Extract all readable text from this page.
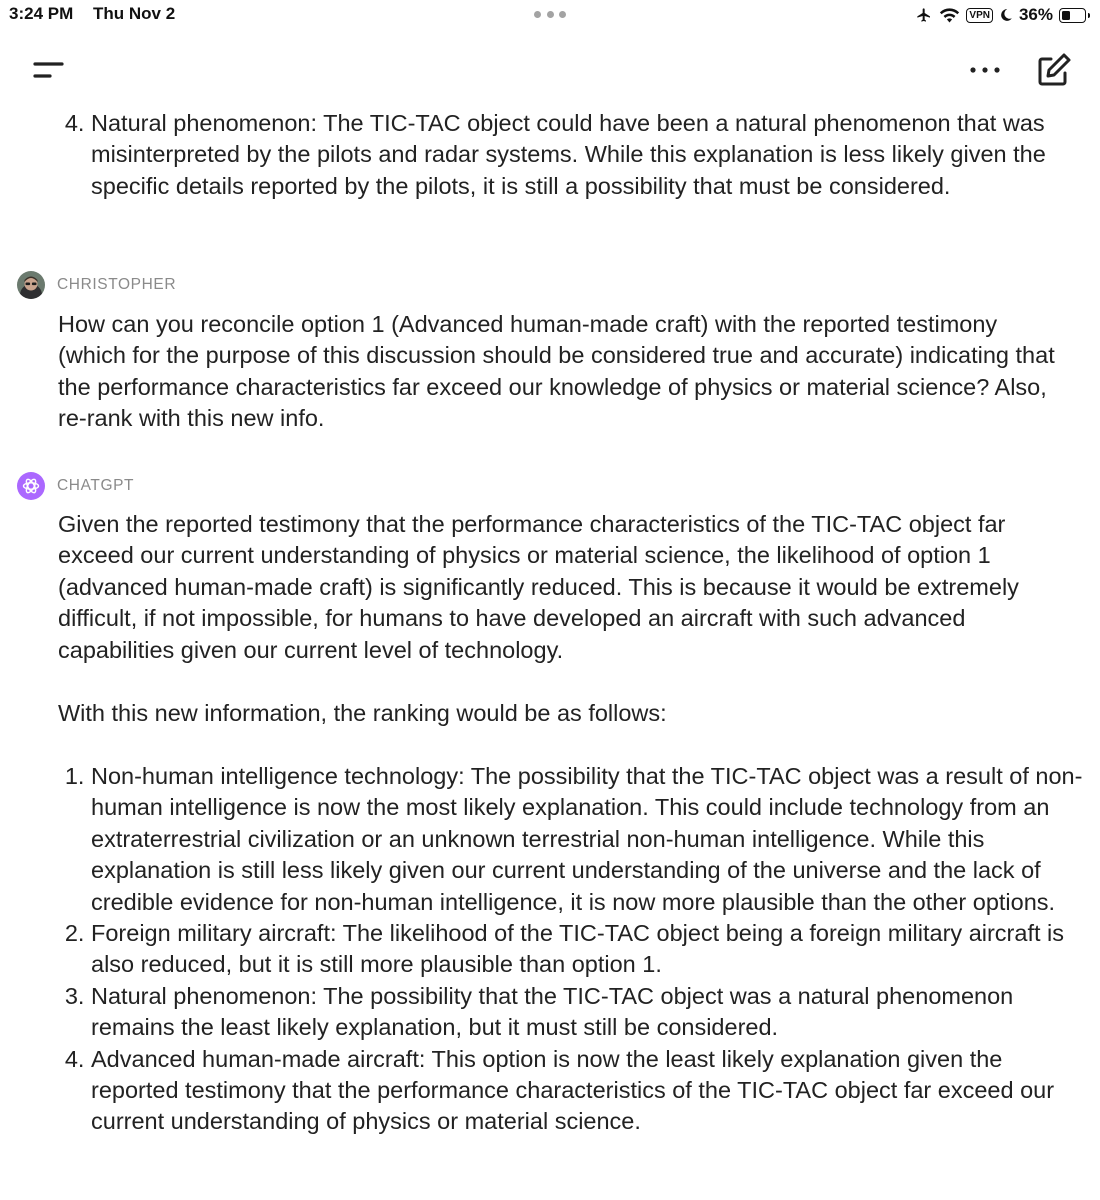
3:24 PM Thu Nov 2	VPN 36%
4. Natural phenomenon: The TIC-TAC object could have been a natural phenomenon that was misinterpreted by the pilots and radar systems. While this explanation is less likely given the specific details reported by the pilots, it is still a possibility that must be considered.
CHRISTOPHER

How can you reconcile option 1 (Advanced human-made craft) with the reported testimony (which for the purpose of this discussion should be considered true and accurate) indicating that the performance characteristics far exceed our knowledge of physics or material science? Also, re-rank with this new info.

CHATGPT

Given the reported testimony that the performance characteristics of the TIC-TAC object far exceed our current understanding of physics or material science, the likelihood of option 1 (advanced human-made craft) is significantly reduced. This is because it would be extremely difficult, if not impossible, for humans to have developed an aircraft with such advanced capabilities given our current level of technology.

With this new information, the ranking would be as follows:

1. Non-human intelligence technology: The possibility that the TIC-TAC object was a result of non-human intelligence is now the most likely explanation. This could include technology from an extraterrestrial civilization or an unknown terrestrial non-human intelligence. While this explanation is still less likely given our current understanding of the universe and the lack of credible evidence for non-human intelligence, it is now more plausible than the other options.
2. Foreign military aircraft: The likelihood of the TIC-TAC object being a foreign military aircraft is also reduced, but it is still more plausible than option 1.
3. Natural phenomenon: The possibility that the TIC-TAC object was a natural phenomenon remains the least likely explanation, but it must still be considered.
4. Advanced human-made aircraft: This option is now the least likely explanation given the reported testimony that the performance characteristics of the TIC-TAC object far exceed our current understanding of physics or material science.
